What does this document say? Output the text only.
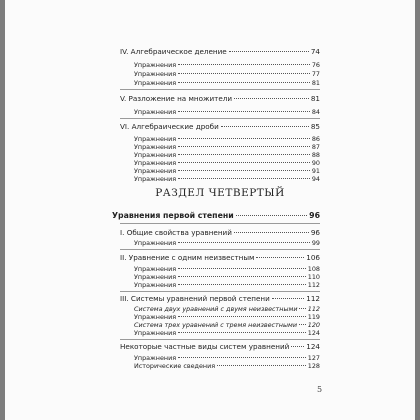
IV. Алгебраическое деление	74
Упражнения	76
Упражнения	77
Упражнения	81
V. Разложение на множители	81
Упражнения	84
VI. Алгебраические дроби	85
Упражнения	86
Упражнения	87
Упражнения	88
Упражнения	90
Упражнения	91
Упражнения	94
РАЗДЕЛ ЧЕТВЕРТЫЙ
Уравнения первой степени	96
I. Общие свойства уравнений	96
Упражнения	99
II. Уравнение с одним неизвестным	106
Упражнения	108
Упражнения	110
Упражнения	112
III. Системы уравнений первой степени	112
Система двух уравнений с двумя неизвестными 112
Упражнения	119
Система трех уравнений с тремя неизвестными 120
Упражнения	124
Некоторые частные виды систем уравнений 124
Упражнения	127
Исторические сведения	128
5
